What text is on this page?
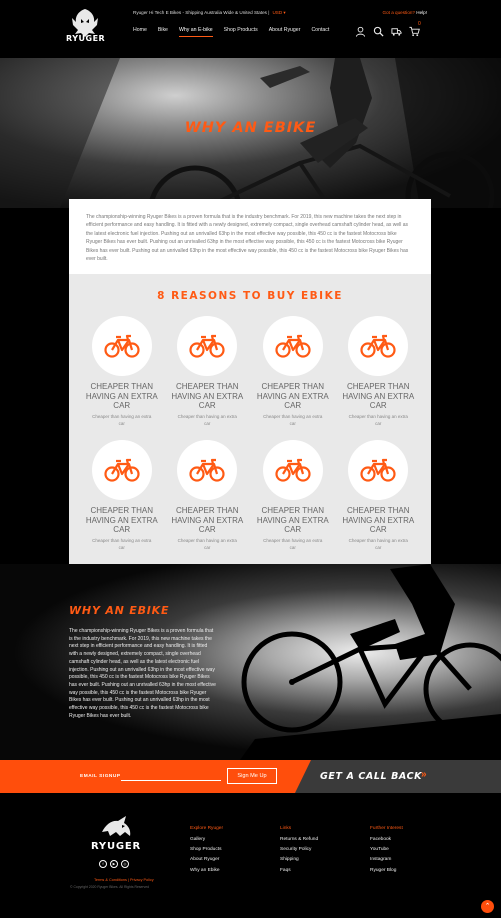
RYUGER
Ryuger Hi Tech E Bikes - Shipping Australia Wide & United States | USD ▾	Got a question? Help!
Home Bike Why an E-bike Shop Products About Ryuger Contact
0
WHY AN EBIKE

The championship-winning Ryuger Bikes is a proven formula that is the industry benchmark. For 2019, this new machine takes the next step in efficient performance and easy handling. It is fitted with a newly designed, extremely compact, single overhead camshaft cylinder head, as well as the latest electronic fuel injection. Pushing out an unrivalled 63hp in the most effective way possible, this 450 cc is the fastest Motocross bike Ryuger Bikes has ever built. Pushing out an unrivalled 63hp in the most effective way possible, this 450 cc is the fastest Motocross bike Ryuger Bikes has ever built. Pushing out an unrivalled 63hp in the most effective way possible, this 450 cc is the fastest Motocross bike Ryuger Bikes has ever built.

8 REASONS TO BUY EBIKE
CHEAPER THAN HAVING AN EXTRA CAR

Cheaper than having an extra car

CHEAPER THAN HAVING AN EXTRA CAR

Cheaper than having an extra car

CHEAPER THAN HAVING AN EXTRA CAR

Cheaper than having an extra car

CHEAPER THAN HAVING AN EXTRA CAR

Cheaper than having an extra car

CHEAPER THAN HAVING AN EXTRA CAR

Cheaper than having an extra car

CHEAPER THAN HAVING AN EXTRA CAR

Cheaper than having an extra car

CHEAPER THAN HAVING AN EXTRA CAR

Cheaper than having an extra car

CHEAPER THAN HAVING AN EXTRA CAR

Cheaper than having an extra car

WHY AN EBIKE

The championship-winning Ryuger Bikes is a proven formula that is the industry benchmark. For 2019, this new machine takes the next step in efficient performance and easy handling. It is fitted with a newly designed, extremely compact, single overhead camshaft cylinder head, as well as the latest electronic fuel injection. Pushing out an unrivalled 63hp in the most effective way possible, this 450 cc is the fastest Motocross bike Ryuger Bikes has ever built. Pushing out an unrivalled 63hp in the most effective way possible, this 450 cc is the fastest Motocross bike Ryuger Bikes has ever built. Pushing out an unrivalled 63hp in the most effective way possible, this 450 cc is the fastest Motocross bike Ryuger Bikes has ever built.

EMAIL SIGNUP	Sign Me Up	GET A CALL BACK
»
RYUGER
f	▶	◎
Terms & Conditions | Privacy Policy
© Copyright 2020 Ryuger Bikes. All Rights Reserved
Explore Ryuger
Gallery
Shop Products
About Ryuger
Why an Ebike
Links
Returns & Refund
Security Policy
Shipping
Faqs
Further Interest
Facebook
YouTube
Instagram
Ryuger Blog
⌃
